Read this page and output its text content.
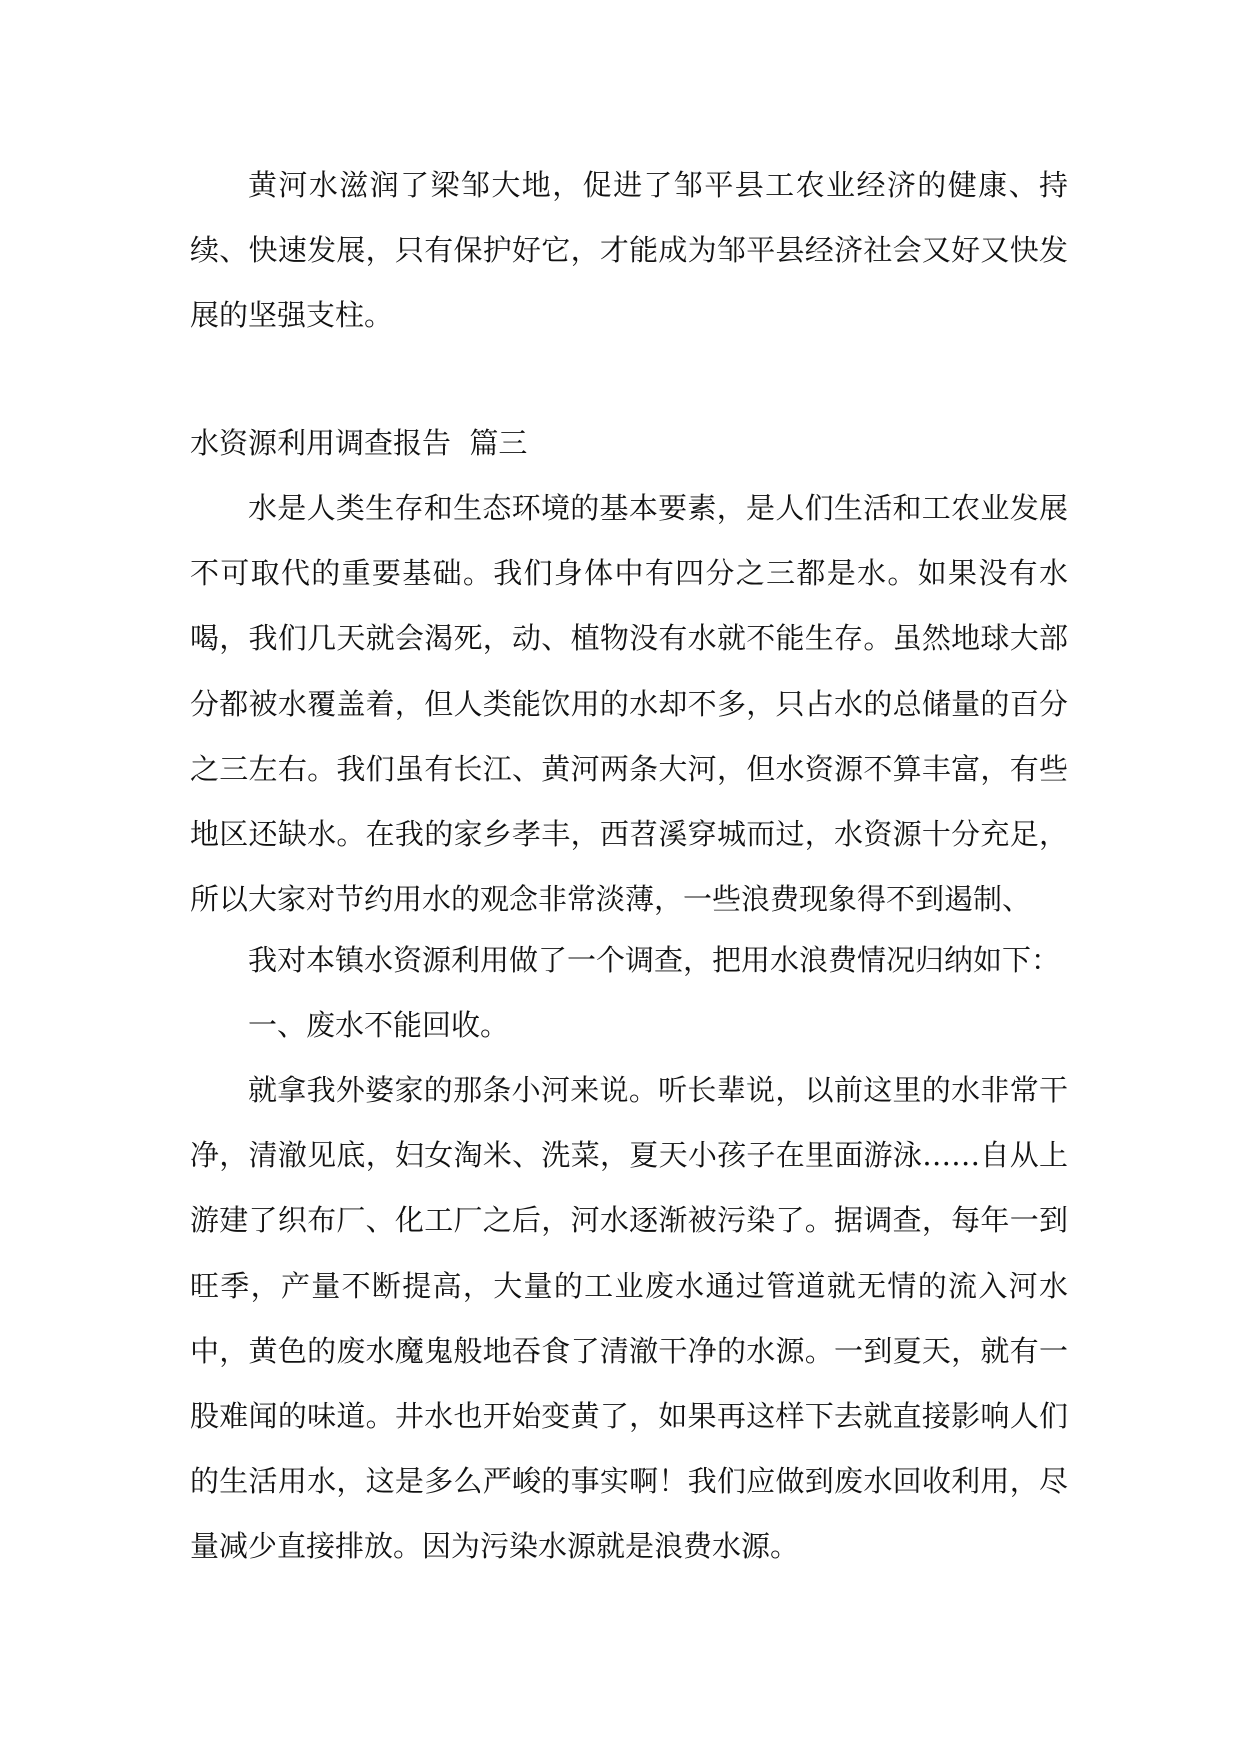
黄河水滋润了梁邹大地，促进了邹平县工农业经济的健康、持续、快速发展，只有保护好它，才能成为邹平县经济社会又好又快发展的坚强支柱。

水资源利用调查报告  篇三

水是人类生存和生态环境的基本要素，是人们生活和工农业发展不可取代的重要基础。我们身体中有四分之三都是水。如果没有水喝，我们几天就会渴死，动、植物没有水就不能生存。虽然地球大部分都被水覆盖着，但人类能饮用的水却不多，只占水的总储量的百分之三左右。我们虽有长江、黄河两条大河，但水资源不算丰富，有些地区还缺水。在我的家乡孝丰，西苕溪穿城而过，水资源十分充足，所以大家对节约用水的观念非常淡薄，一些浪费现象得不到遏制、

我对本镇水资源利用做了一个调查，把用水浪费情况归纳如下：

一、废水不能回收。

就拿我外婆家的那条小河来说。听长辈说，以前这里的水非常干净，清澈见底，妇女淘米、洗菜，夏天小孩子在里面游泳……自从上游建了织布厂、化工厂之后，河水逐渐被污染了。据调查，每年一到旺季，产量不断提高，大量的工业废水通过管道就无情的流入河水中，黄色的废水魔鬼般地吞食了清澈干净的水源。一到夏天，就有一股难闻的味道。井水也开始变黄了，如果再这样下去就直接影响人们的生活用水，这是多么严峻的事实啊！我们应做到废水回收利用，尽量减少直接排放。因为污染水源就是浪费水源。
